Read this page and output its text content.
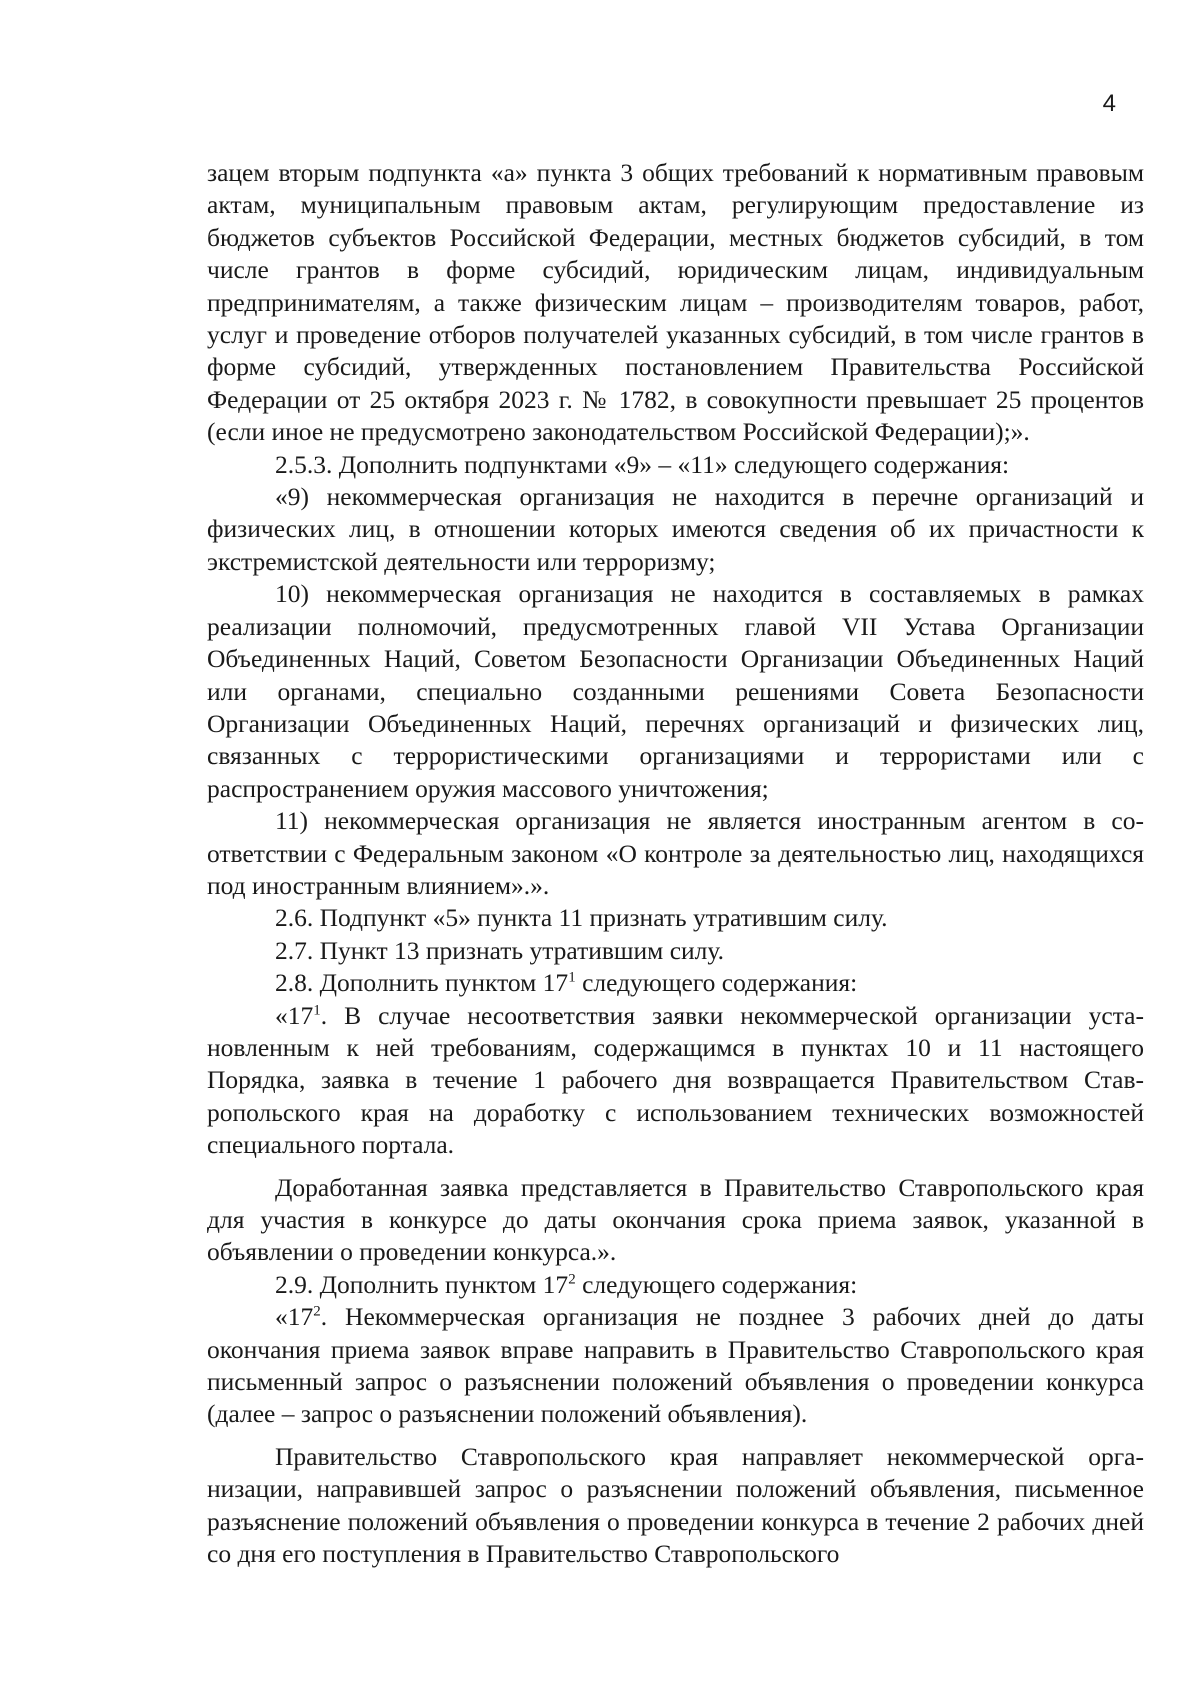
4

зацем вторым подпункта «а» пункта 3 общих требований к нормативным правовым актам, муниципальным правовым актам, регулирующим предоставление из бюджетов субъектов Российской Федерации, местных бюджетов субсидий, в том числе грантов в форме субсидий, юридическим лицам, индивидуальным предпринимателям, а также физическим лицам – производителям товаров, работ, услуг и проведение отборов получателей указанных субсидий, в том числе грантов в форме субсидий, утвержденных постановлением Правительства Российской Федерации от 25 октября 2023 г. № 1782, в совокупности превышает 25 процентов (если иное не предусмотрено законодательством Российской Федерации);».

2.5.3. Дополнить подпунктами «9» – «11» следующего содержания:

«9) некоммерческая организация не находится в перечне организаций и физических лиц, в отношении которых имеются сведения об их причастности к экстремистской деятельности или терроризму;

10) некоммерческая организация не находится в составляемых в рамках реализации полномочий, предусмотренных главой VII Устава Организации Объединенных Наций, Советом Безопасности Организации Объединенных Наций или органами, специально созданными решениями Совета Безопасности Организации Объединенных Наций, перечнях организаций и физических лиц, связанных с террористическими организациями и террористами или с распространением оружия массового уничтожения;

11) некоммерческая организация не является иностранным агентом в соответствии с Федеральным законом «О контроле за деятельностью лиц, находящихся под иностранным влиянием».».

2.6. Подпункт «5» пункта 11 признать утратившим силу.

2.7. Пункт 13 признать утратившим силу.

2.8. Дополнить пунктом $17^1$ следующего содержания:

«$17^1$. В случае несоответствия заявки некоммерческой организации установленным к ней требованиям, содержащимся в пунктах 10 и 11 настоящего Порядка, заявка в течение 1 рабочего дня возвращается Правительством Ставропольского края на доработку с использованием технических возможностей специального портала.

Доработанная заявка представляется в Правительство Ставропольского края для участия в конкурсе до даты окончания срока приема заявок, указанной в объявлении о проведении конкурса.».

2.9. Дополнить пунктом $17^2$ следующего содержания:

«$17^2$. Некоммерческая организация не позднее 3 рабочих дней до даты окончания приема заявок вправе направить в Правительство Ставропольского края письменный запрос о разъяснении положений объявления о проведении конкурса (далее – запрос о разъяснении положений объявления).

Правительство Ставропольского края направляет некоммерческой организации, направившей запрос о разъяснении положений объявления, письменное разъяснение положений объявления о проведении конкурса в течение 2 рабочих дней со дня его поступления в Правительство Ставропольского
